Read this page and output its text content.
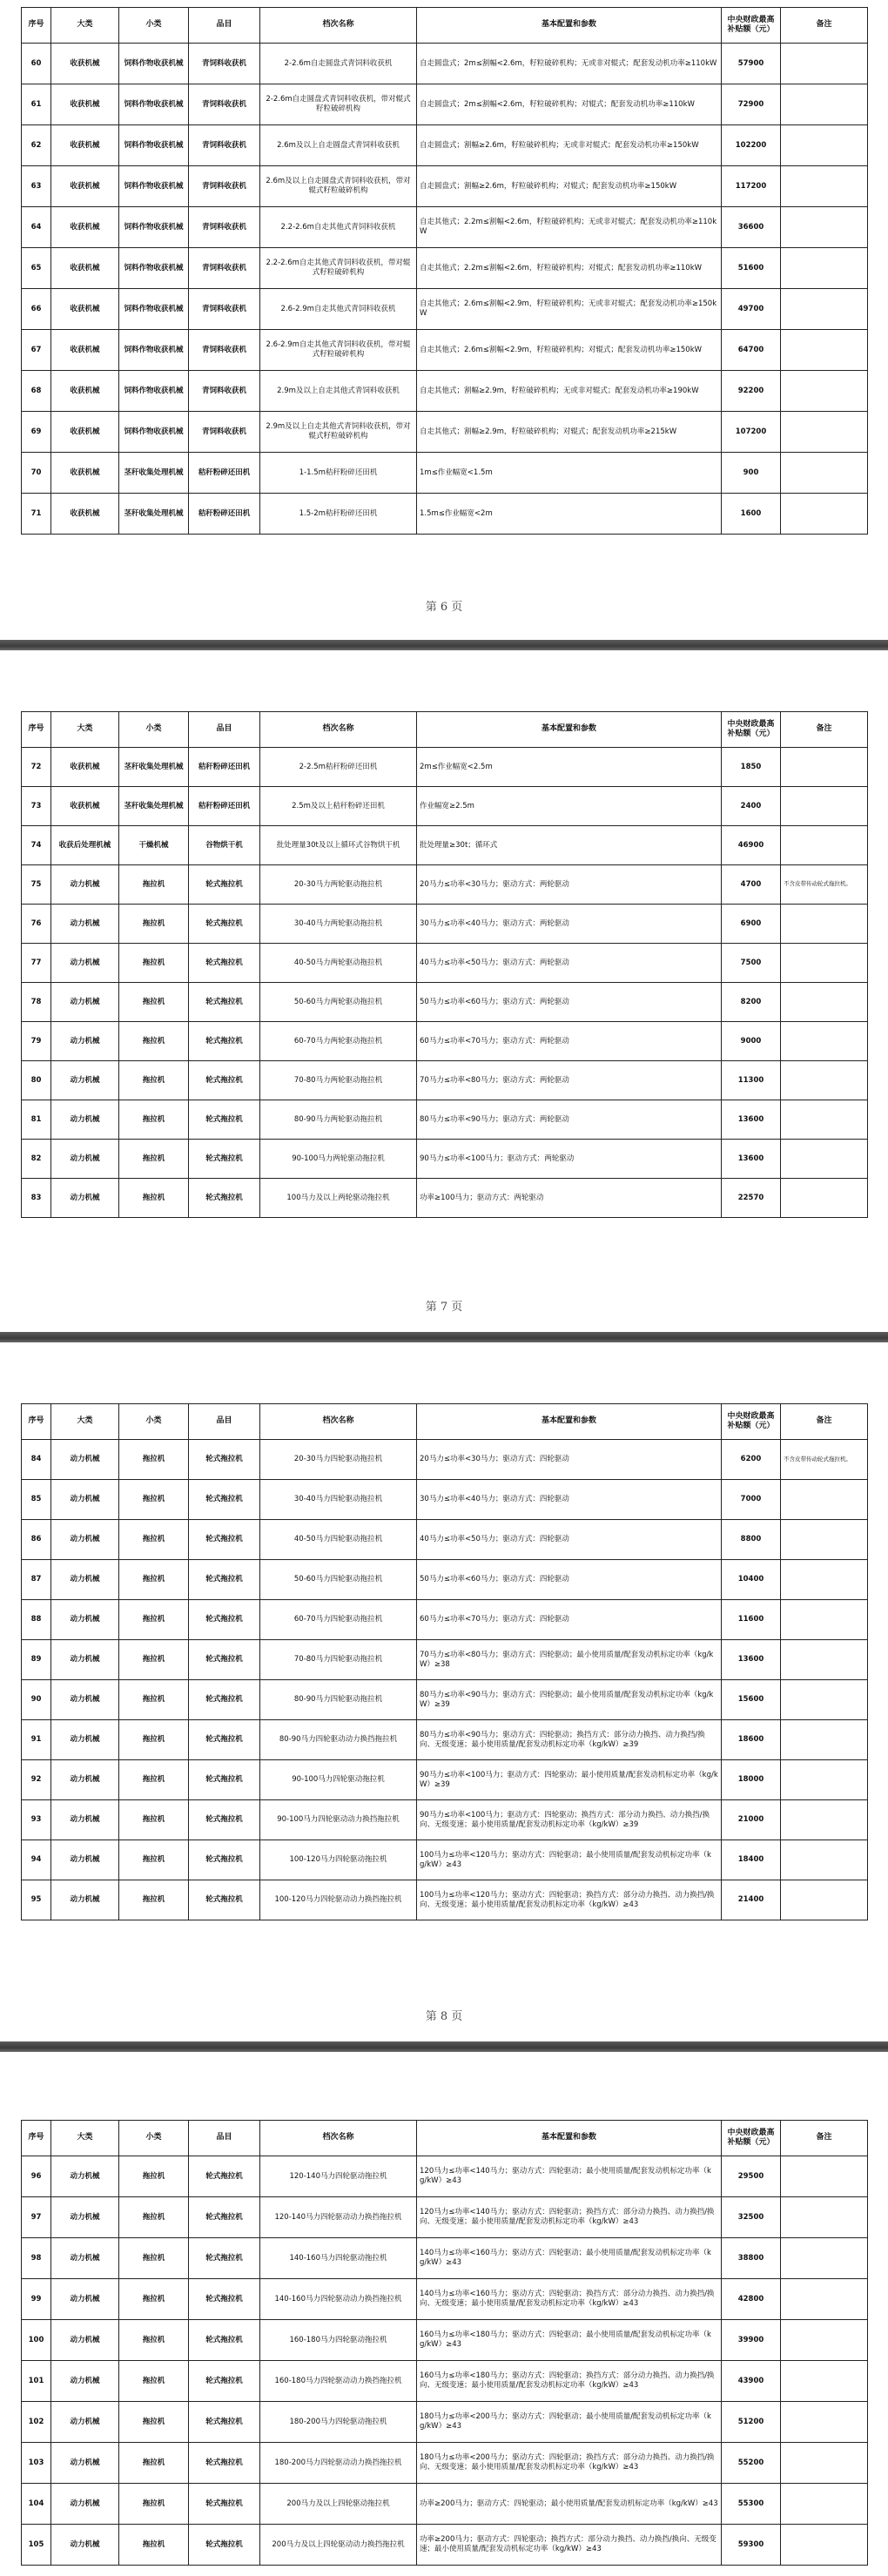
序号	大类	小类	品目	档次名称	基本配置和参数	中央财政最高补贴额（元）	备注
60	收获机械	饲料作物收获机械	青饲料收获机	2-2.6m自走圆盘式青饲料收获机	自走圆盘式；2m≤割幅<2.6m，籽粒破碎机构；无或非对辊式；配套发动机功率≥110kW	57900	
61	收获机械	饲料作物收获机械	青饲料收获机	2-2.6m自走圆盘式青饲料收获机，带对辊式籽粒破碎机构	自走圆盘式；2m≤割幅<2.6m，籽粒破碎机构；对辊式；配套发动机功率≥110kW	72900	
62	收获机械	饲料作物收获机械	青饲料收获机	2.6m及以上自走圆盘式青饲料收获机	自走圆盘式；割幅≥2.6m，籽粒破碎机构；无或非对辊式；配套发动机功率≥150kW	102200	
63	收获机械	饲料作物收获机械	青饲料收获机	2.6m及以上自走圆盘式青饲料收获机，带对辊式籽粒破碎机构	自走圆盘式；割幅≥2.6m，籽粒破碎机构；对辊式；配套发动机功率≥150kW	117200	
64	收获机械	饲料作物收获机械	青饲料收获机	2.2-2.6m自走其他式青饲料收获机	自走其他式；2.2m≤割幅<2.6m，籽粒破碎机构；无或非对辊式；配套发动机功率≥110kW	36600	
65	收获机械	饲料作物收获机械	青饲料收获机	2.2-2.6m自走其他式青饲料收获机，带对辊式籽粒破碎机构	自走其他式；2.2m≤割幅<2.6m，籽粒破碎机构；对辊式；配套发动机功率≥110kW	51600	
66	收获机械	饲料作物收获机械	青饲料收获机	2.6-2.9m自走其他式青饲料收获机	自走其他式；2.6m≤割幅<2.9m，籽粒破碎机构；无或非对辊式；配套发动机功率≥150kW	49700	
67	收获机械	饲料作物收获机械	青饲料收获机	2.6-2.9m自走其他式青饲料收获机，带对辊式籽粒破碎机构	自走其他式；2.6m≤割幅<2.9m，籽粒破碎机构；对辊式；配套发动机功率≥150kW	64700	
68	收获机械	饲料作物收获机械	青饲料收获机	2.9m及以上自走其他式青饲料收获机	自走其他式；割幅≥2.9m，籽粒破碎机构；无或非对辊式；配套发动机功率≥190kW	92200	
69	收获机械	饲料作物收获机械	青饲料收获机	2.9m及以上自走其他式青饲料收获机，带对辊式籽粒破碎机构	自走其他式；割幅≥2.9m，籽粒破碎机构；对辊式；配套发动机功率≥215kW	107200	
70	收获机械	茎秆收集处理机械	秸秆粉碎还田机	1-1.5m秸秆粉碎还田机	1m≤作业幅宽<1.5m	900	
71	收获机械	茎秆收集处理机械	秸秆粉碎还田机	1.5-2m秸秆粉碎还田机	1.5m≤作业幅宽<2m	1600	
第 6 页
序号	大类	小类	品目	档次名称	基本配置和参数	中央财政最高补贴额（元）	备注
72	收获机械	茎秆收集处理机械	秸秆粉碎还田机	2-2.5m秸秆粉碎还田机	2m≤作业幅宽<2.5m	1850	
73	收获机械	茎秆收集处理机械	秸秆粉碎还田机	2.5m及以上秸秆粉碎还田机	作业幅宽≥2.5m	2400	
74	收获后处理机械	干燥机械	谷物烘干机	批处理量30t及以上循环式谷物烘干机	批处理量≥30t；循环式	46900	
75	动力机械	拖拉机	轮式拖拉机	20-30马力两轮驱动拖拉机	20马力≤功率<30马力；驱动方式：两轮驱动	4700	不含皮带传动轮式拖拉机。
76	动力机械	拖拉机	轮式拖拉机	30-40马力两轮驱动拖拉机	30马力≤功率<40马力；驱动方式：两轮驱动	6900	
77	动力机械	拖拉机	轮式拖拉机	40-50马力两轮驱动拖拉机	40马力≤功率<50马力；驱动方式：两轮驱动	7500	
78	动力机械	拖拉机	轮式拖拉机	50-60马力两轮驱动拖拉机	50马力≤功率<60马力；驱动方式：两轮驱动	8200	
79	动力机械	拖拉机	轮式拖拉机	60-70马力两轮驱动拖拉机	60马力≤功率<70马力；驱动方式：两轮驱动	9000	
80	动力机械	拖拉机	轮式拖拉机	70-80马力两轮驱动拖拉机	70马力≤功率<80马力；驱动方式：两轮驱动	11300	
81	动力机械	拖拉机	轮式拖拉机	80-90马力两轮驱动拖拉机	80马力≤功率<90马力；驱动方式：两轮驱动	13600	
82	动力机械	拖拉机	轮式拖拉机	90-100马力两轮驱动拖拉机	90马力≤功率<100马力；驱动方式：两轮驱动	13600	
83	动力机械	拖拉机	轮式拖拉机	100马力及以上两轮驱动拖拉机	功率≥100马力；驱动方式：两轮驱动	22570	
第 7 页
序号	大类	小类	品目	档次名称	基本配置和参数	中央财政最高补贴额（元）	备注
84	动力机械	拖拉机	轮式拖拉机	20-30马力四轮驱动拖拉机	20马力≤功率<30马力；驱动方式：四轮驱动	6200	不含皮带传动轮式拖拉机。
85	动力机械	拖拉机	轮式拖拉机	30-40马力四轮驱动拖拉机	30马力≤功率<40马力；驱动方式：四轮驱动	7000	
86	动力机械	拖拉机	轮式拖拉机	40-50马力四轮驱动拖拉机	40马力≤功率<50马力；驱动方式：四轮驱动	8800	
87	动力机械	拖拉机	轮式拖拉机	50-60马力四轮驱动拖拉机	50马力≤功率<60马力；驱动方式：四轮驱动	10400	
88	动力机械	拖拉机	轮式拖拉机	60-70马力四轮驱动拖拉机	60马力≤功率<70马力；驱动方式：四轮驱动	11600	
89	动力机械	拖拉机	轮式拖拉机	70-80马力四轮驱动拖拉机	70马力≤功率<80马力；驱动方式：四轮驱动；最小使用质量/配套发动机标定功率（kg/kW）≥38	13600	
90	动力机械	拖拉机	轮式拖拉机	80-90马力四轮驱动拖拉机	80马力≤功率<90马力；驱动方式：四轮驱动；最小使用质量/配套发动机标定功率（kg/kW）≥39	15600	
91	动力机械	拖拉机	轮式拖拉机	80-90马力四轮驱动动力换挡拖拉机	80马力≤功率<90马力；驱动方式：四轮驱动；换挡方式：部分动力换挡、动力换挡/换向、无级变速；最小使用质量/配套发动机标定功率（kg/kW）≥39	18600	
92	动力机械	拖拉机	轮式拖拉机	90-100马力四轮驱动拖拉机	90马力≤功率<100马力；驱动方式：四轮驱动；最小使用质量/配套发动机标定功率（kg/kW）≥39	18000	
93	动力机械	拖拉机	轮式拖拉机	90-100马力四轮驱动动力换挡拖拉机	90马力≤功率<100马力；驱动方式：四轮驱动；换挡方式：部分动力换挡、动力换挡/换向、无级变速；最小使用质量/配套发动机标定功率（kg/kW）≥39	21000	
94	动力机械	拖拉机	轮式拖拉机	100-120马力四轮驱动拖拉机	100马力≤功率<120马力；驱动方式：四轮驱动；最小使用质量/配套发动机标定功率（kg/kW）≥43	18400	
95	动力机械	拖拉机	轮式拖拉机	100-120马力四轮驱动动力换挡拖拉机	100马力≤功率<120马力；驱动方式：四轮驱动；换挡方式：部分动力换挡、动力换挡/换向、无级变速；最小使用质量/配套发动机标定功率（kg/kW）≥43	21400	
第 8 页
序号	大类	小类	品目	档次名称	基本配置和参数	中央财政最高补贴额（元）	备注
96	动力机械	拖拉机	轮式拖拉机	120-140马力四轮驱动拖拉机	120马力≤功率<140马力；驱动方式：四轮驱动；最小使用质量/配套发动机标定功率（kg/kW）≥43	29500	
97	动力机械	拖拉机	轮式拖拉机	120-140马力四轮驱动动力换挡拖拉机	120马力≤功率<140马力；驱动方式：四轮驱动；换挡方式：部分动力换挡、动力换挡/换向、无级变速；最小使用质量/配套发动机标定功率（kg/kW）≥43	32500	
98	动力机械	拖拉机	轮式拖拉机	140-160马力四轮驱动拖拉机	140马力≤功率<160马力；驱动方式：四轮驱动；最小使用质量/配套发动机标定功率（kg/kW）≥43	38800	
99	动力机械	拖拉机	轮式拖拉机	140-160马力四轮驱动动力换挡拖拉机	140马力≤功率<160马力；驱动方式：四轮驱动；换挡方式：部分动力换挡、动力换挡/换向、无级变速；最小使用质量/配套发动机标定功率（kg/kW）≥43	42800	
100	动力机械	拖拉机	轮式拖拉机	160-180马力四轮驱动拖拉机	160马力≤功率<180马力；驱动方式：四轮驱动；最小使用质量/配套发动机标定功率（kg/kW）≥43	39900	
101	动力机械	拖拉机	轮式拖拉机	160-180马力四轮驱动动力换挡拖拉机	160马力≤功率<180马力；驱动方式：四轮驱动；换挡方式：部分动力换挡、动力换挡/换向、无级变速；最小使用质量/配套发动机标定功率（kg/kW）≥43	43900	
102	动力机械	拖拉机	轮式拖拉机	180-200马力四轮驱动拖拉机	180马力≤功率<200马力；驱动方式：四轮驱动；最小使用质量/配套发动机标定功率（kg/kW）≥43	51200	
103	动力机械	拖拉机	轮式拖拉机	180-200马力四轮驱动动力换挡拖拉机	180马力≤功率<200马力；驱动方式：四轮驱动；换挡方式：部分动力换挡、动力换挡/换向、无级变速；最小使用质量/配套发动机标定功率（kg/kW）≥43	55200	
104	动力机械	拖拉机	轮式拖拉机	200马力及以上四轮驱动拖拉机	功率≥200马力；驱动方式：四轮驱动；最小使用质量/配套发动机标定功率（kg/kW）≥43	55300	
105	动力机械	拖拉机	轮式拖拉机	200马力及以上四轮驱动动力换挡拖拉机	功率≥200马力；驱动方式：四轮驱动；换挡方式：部分动力换挡、动力换挡/换向、无级变速；最小使用质量/配套发动机标定功率（kg/kW）≥43	59300	
